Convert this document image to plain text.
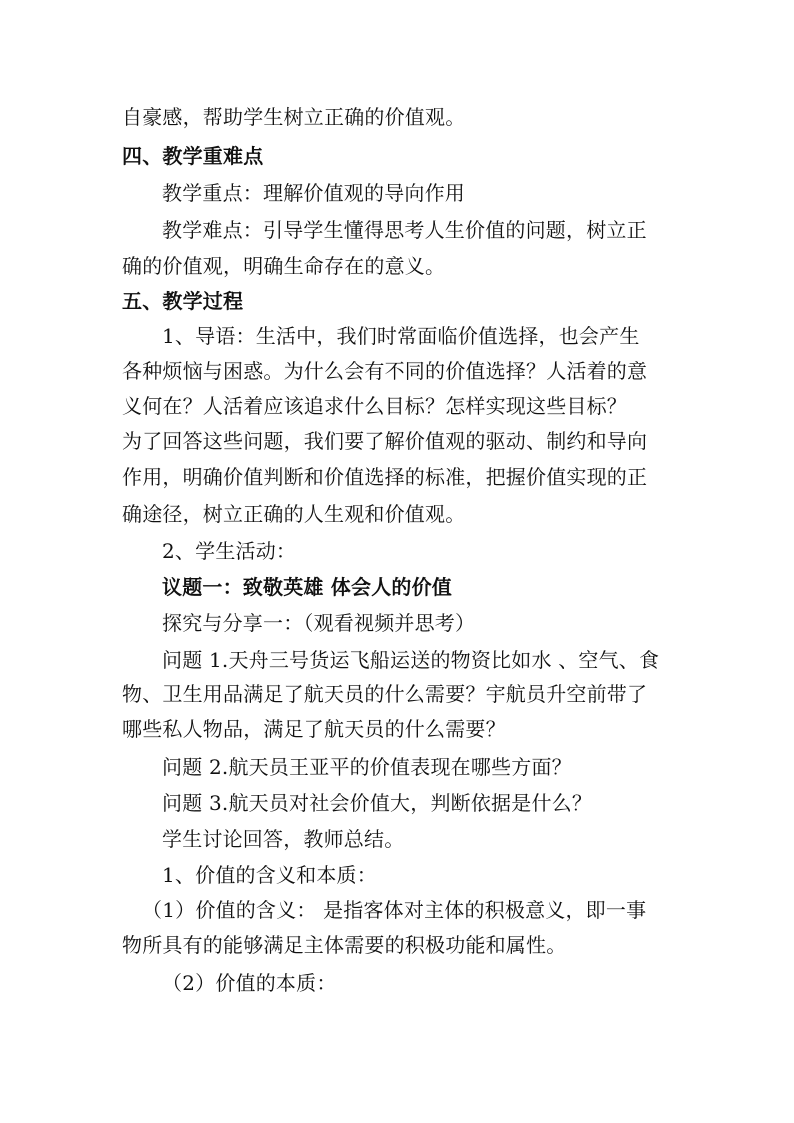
自豪感，帮助学生树立正确的价值观。
四、教学重难点
教学重点：理解价值观的导向作用
教学难点：引导学生懂得思考人生价值的问题，树立正
确的价值观，明确生命存在的意义。
五、教学过程
1、导语：生活中，我们时常面临价值选择，也会产生
各种烦恼与困惑。为什么会有不同的价值选择？人活着的意
义何在？人活着应该追求什么目标？怎样实现这些目标？
为了回答这些问题，我们要了解价值观的驱动、制约和导向
作用，明确价值判断和价值选择的标准，把握价值实现的正
确途径，树立正确的人生观和价值观。
2、学生活动：
议题一：致敬英雄 体会人的价值
探究与分享一：（观看视频并思考）
问题 1.天舟三号货运飞船运送的物资比如水 、空气、食
物、卫生用品满足了航天员的什么需要？宇航员升空前带了
哪些私人物品，满足了航天员的什么需要？
问题 2.航天员王亚平的价值表现在哪些方面？
问题 3.航天员对社会价值大，判断依据是什么？
学生讨论回答，教师总结。
1、价值的含义和本质：
（1）价值的含义： 是指客体对主体的积极意义，即一事
物所具有的能够满足主体需要的积极功能和属性。
（2）价值的本质：
